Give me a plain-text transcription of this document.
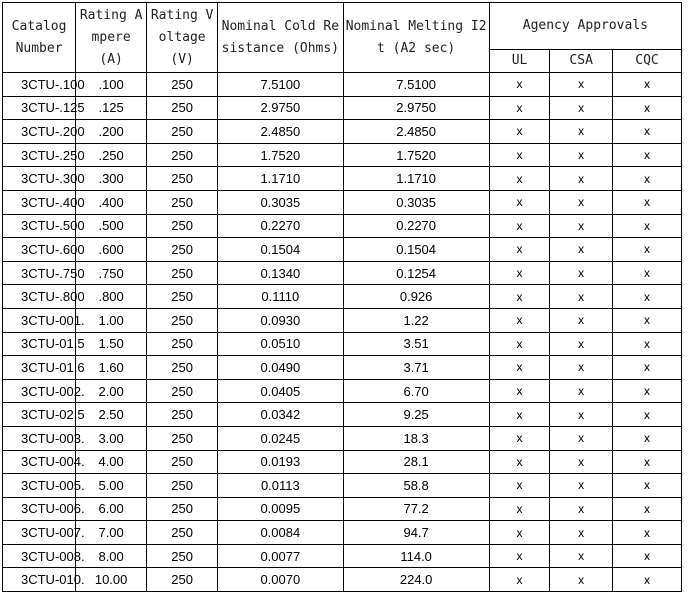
Catalog Number	Rating Ampere (A)	Rating Voltage (V)	Nominal Cold Resistance (Ohms)	Nominal Melting I2t (A2 sec)	Agency Approvals		
					UL	CSA	CQC
3CTU-.100	.100	250	7.5100	7.5100	x	x	x
3CTU-.125	.125	250	2.9750	2.9750	x	x	x
3CTU-.200	.200	250	2.4850	2.4850	x	x	x
3CTU-.250	.250	250	1.7520	1.7520	x	x	x
3CTU-.300	.300	250	1.1710	1.1710	x	x	x
3CTU-.400	.400	250	0.3035	0.3035	x	x	x
3CTU-.500	.500	250	0.2270	0.2270	x	x	x
3CTU-.600	.600	250	0.1504	0.1504	x	x	x
3CTU-.750	.750	250	0.1340	0.1254	x	x	x
3CTU-.800	.800	250	0.1110	0.926	x	x	x
3CTU-001.	1.00	250	0.0930	1.22	x	x	x
3CTU-01.5	1.50	250	0.0510	3.51	x	x	x
3CTU-01.6	1.60	250	0.0490	3.71	x	x	x
3CTU-002.	2.00	250	0.0405	6.70	x	x	x
3CTU-02.5	2.50	250	0.0342	9.25	x	x	x
3CTU-003.	3.00	250	0.0245	18.3	x	x	x
3CTU-004.	4.00	250	0.0193	28.1	x	x	x
3CTU-005.	5.00	250	0.0113	58.8	x	x	x
3CTU-006.	6.00	250	0.0095	77.2	x	x	x
3CTU-007.	7.00	250	0.0084	94.7	x	x	x
3CTU-008.	8.00	250	0.0077	114.0	x	x	x
3CTU-010.	10.00	250	0.0070	224.0	x	x	x
